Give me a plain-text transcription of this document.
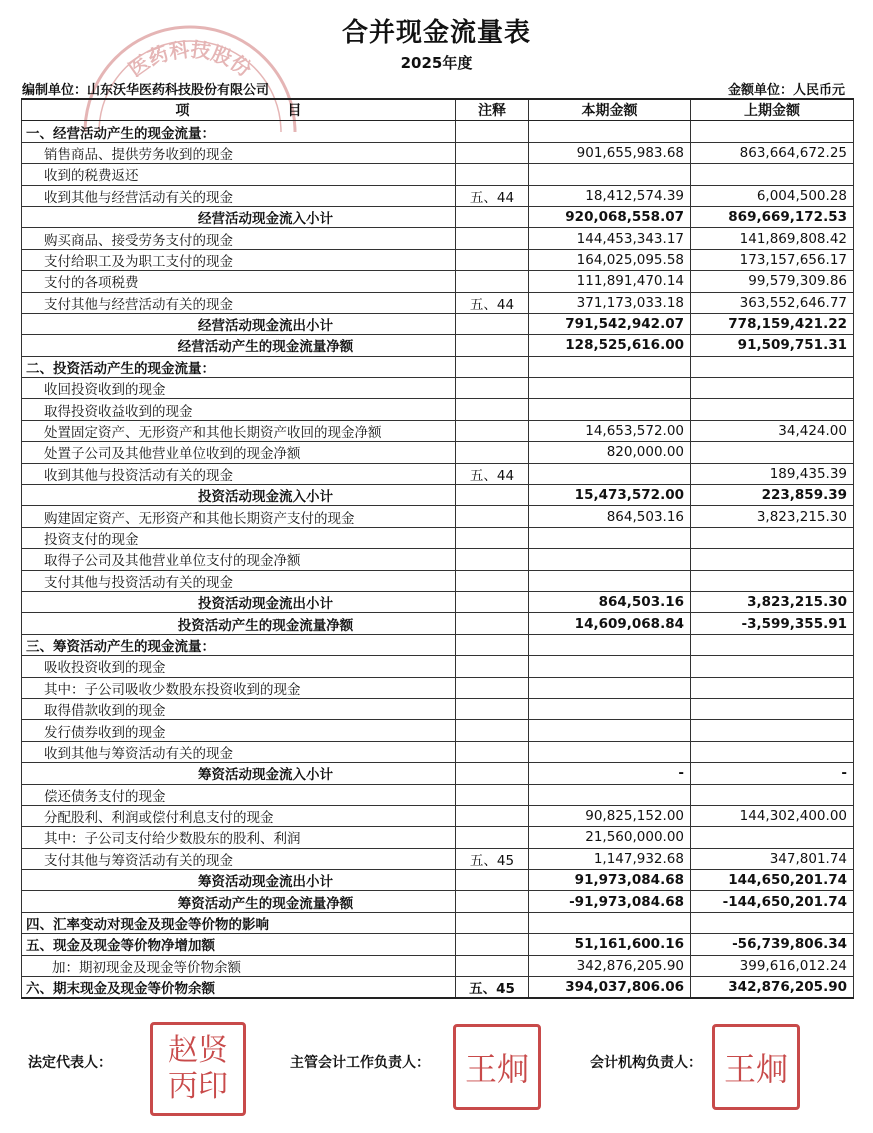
医药科技股份
合并现金流量表
2025年度
编制单位：山东沃华医药科技股份有限公司	金额单位：人民币元
项　　　　　　　目	注释	本期金额	上期金额
一、经营活动产生的现金流量：			
销售商品、提供劳务收到的现金		901,655,983.68	863,664,672.25
收到的税费返还			
收到其他与经营活动有关的现金	五、44	18,412,574.39	6,004,500.28
经营活动现金流入小计		920,068,558.07	869,669,172.53
购买商品、接受劳务支付的现金		144,453,343.17	141,869,808.42
支付给职工及为职工支付的现金		164,025,095.58	173,157,656.17
支付的各项税费		111,891,470.14	99,579,309.86
支付其他与经营活动有关的现金	五、44	371,173,033.18	363,552,646.77
经营活动现金流出小计		791,542,942.07	778,159,421.22
经营活动产生的现金流量净额		128,525,616.00	91,509,751.31
二、投资活动产生的现金流量：			
收回投资收到的现金			
取得投资收益收到的现金			
处置固定资产、无形资产和其他长期资产收回的现金净额		14,653,572.00	34,424.00
处置子公司及其他营业单位收到的现金净额		820,000.00	
收到其他与投资活动有关的现金	五、44		189,435.39
投资活动现金流入小计		15,473,572.00	223,859.39
购建固定资产、无形资产和其他长期资产支付的现金		864,503.16	3,823,215.30
投资支付的现金			
取得子公司及其他营业单位支付的现金净额			
支付其他与投资活动有关的现金			
投资活动现金流出小计		864,503.16	3,823,215.30
投资活动产生的现金流量净额		14,609,068.84	-3,599,355.91
三、筹资活动产生的现金流量：			
吸收投资收到的现金			
其中：子公司吸收少数股东投资收到的现金			
取得借款收到的现金			
发行债券收到的现金			
收到其他与筹资活动有关的现金			
筹资活动现金流入小计		-	-
偿还债务支付的现金			
分配股利、利润或偿付利息支付的现金		90,825,152.00	144,302,400.00
其中：子公司支付给少数股东的股利、利润		21,560,000.00	
支付其他与筹资活动有关的现金	五、45	1,147,932.68	347,801.74
筹资活动现金流出小计		91,973,084.68	144,650,201.74
筹资活动产生的现金流量净额		-91,973,084.68	-144,650,201.74
四、汇率变动对现金及现金等价物的影响			
五、现金及现金等价物净增加额		51,161,600.16	-56,739,806.34
加：期初现金及现金等价物余额		342,876,205.90	399,616,012.24
六、期末现金及现金等价物余额	五、45	394,037,806.06	342,876,205.90
法定代表人： 赵贤丙印
主管会计工作负责人： 王炯	会计机构负责人： 王炯
